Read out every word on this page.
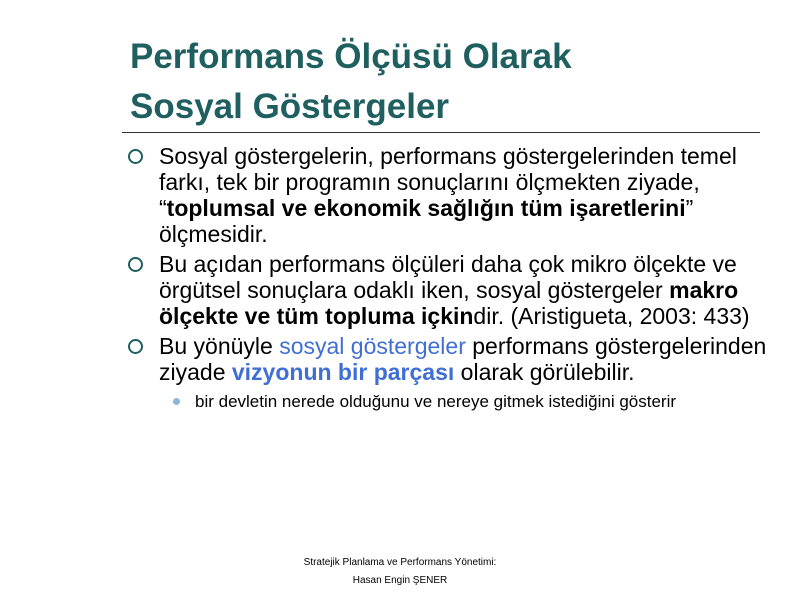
Performans Ölçüsü Olarak
Sosyal Göstergeler
Sosyal göstergelerin, performans göstergelerinden temel farkı, tek bir programın sonuçlarını ölçmekten ziyade, “toplumsal ve ekonomik sağlığın tüm işaretlerini” ölçmesidir.
Bu açıdan performans ölçüleri daha çok mikro ölçekte ve örgütsel sonuçlara odaklı iken, sosyal göstergeler makro ölçekte ve tüm topluma içkindir. (Aristigueta, 2003: 433)
Bu yönüyle sosyal göstergeler performans göstergelerinden ziyade vizyonun bir parçası olarak görülebilir.
bir devletin nerede olduğunu ve nereye gitmek istediğini gösterir
Stratejik Planlama ve Performans Yönetimi:
Hasan Engin ŞENER
